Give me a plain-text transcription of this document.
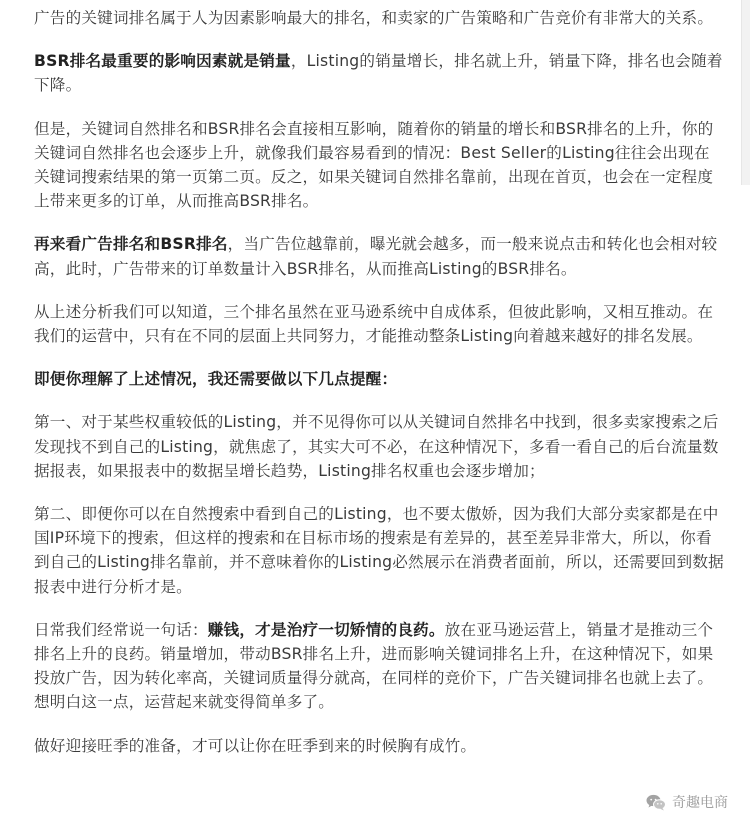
广告的关键词排名属于人为因素影响最大的排名，和卖家的广告策略和广告竞价有非常大的关系。

BSR排名最重要的影响因素就是销量，Listing的销量增长，排名就上升，销量下降，排名也会随着下降。

但是，关键词自然排名和BSR排名会直接相互影响，随着你的销量的增长和BSR排名的上升，你的关键词自然排名也会逐步上升，就像我们最容易看到的情况：Best Seller的Listing往往会出现在关键词搜索结果的第一页第二页。反之，如果关键词自然排名靠前，出现在首页，也会在一定程度上带来更多的订单，从而推高BSR排名。

再来看广告排名和BSR排名，当广告位越靠前，曝光就会越多，而一般来说点击和转化也会相对较高，此时，广告带来的订单数量计入BSR排名，从而推高Listing的BSR排名。

从上述分析我们可以知道，三个排名虽然在亚马逊系统中自成体系，但彼此影响，又相互推动。在我们的运营中，只有在不同的层面上共同努力，才能推动整条Listing向着越来越好的排名发展。

即便你理解了上述情况，我还需要做以下几点提醒：

第一、对于某些权重较低的Listing，并不见得你可以从关键词自然排名中找到，很多卖家搜索之后发现找不到自己的Listing，就焦虑了，其实大可不必，在这种情况下，多看一看自己的后台流量数据报表，如果报表中的数据呈增长趋势，Listing排名权重也会逐步增加；

第二、即便你可以在自然搜索中看到自己的Listing，也不要太傲娇，因为我们大部分卖家都是在中国IP环境下的搜索，但这样的搜索和在目标市场的搜索是有差异的，甚至差异非常大，所以，你看到自己的Listing排名靠前，并不意味着你的Listing必然展示在消费者面前，所以，还需要回到数据报表中进行分析才是。

日常我们经常说一句话：赚钱，才是治疗一切矫情的良药。放在亚马逊运营上，销量才是推动三个排名上升的良药。销量增加，带动BSR排名上升，进而影响关键词排名上升，在这种情况下，如果投放广告，因为转化率高，关键词质量得分就高，在同样的竞价下，广告关键词排名也就上去了。想明白这一点，运营起来就变得简单多了。

做好迎接旺季的准备，才可以让你在旺季到来的时候胸有成竹。

奇趣电商
